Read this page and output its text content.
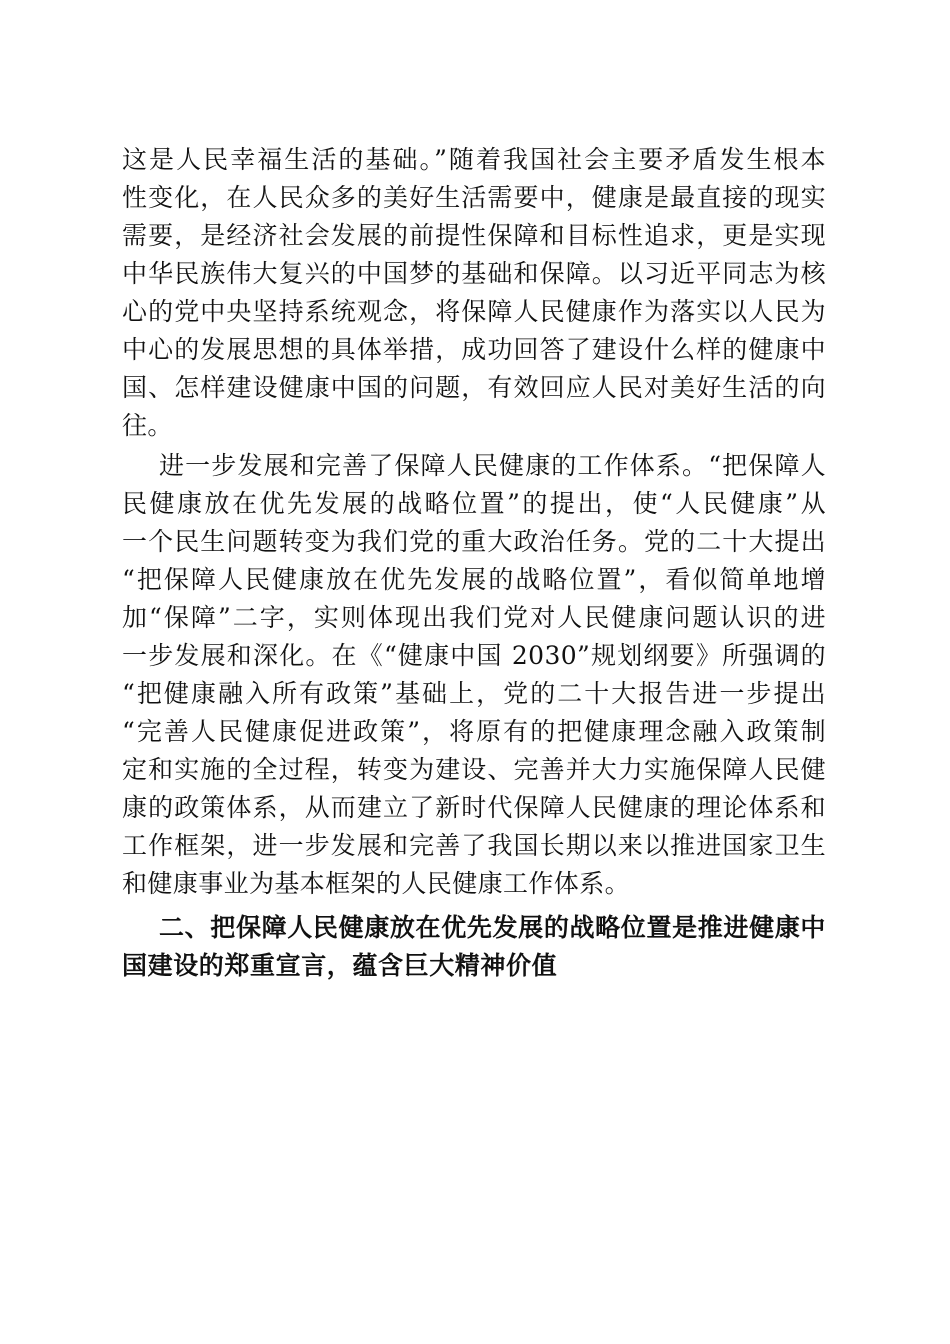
这是人民幸福生活的基础。”随着我国社会主要矛盾发生根本
性变化，在人民众多的美好生活需要中，健康是最直接的现实
需要，是经济社会发展的前提性保障和目标性追求，更是实现
中华民族伟大复兴的中国梦的基础和保障。以习近平同志为核
心的党中央坚持系统观念，将保障人民健康作为落实以人民为
中心的发展思想的具体举措，成功回答了建设什么样的健康中
国、怎样建设健康中国的问题，有效回应人民对美好生活的向
往。
进一步发展和完善了保障人民健康的工作体系。“把保障人
民健康放在优先发展的战略位置”的提出，使“人民健康”从
一个民生问题转变为我们党的重大政治任务。党的二十大提出
“把保障人民健康放在优先发展的战略位置”，看似简单地增
加“保障”二字，实则体现出我们党对人民健康问题认识的进
一步发展和深化。在《“健康中国 2030”规划纲要》所强调的
“把健康融入所有政策”基础上，党的二十大报告进一步提出
“完善人民健康促进政策”，将原有的把健康理念融入政策制
定和实施的全过程，转变为建设、完善并大力实施保障人民健
康的政策体系，从而建立了新时代保障人民健康的理论体系和
工作框架，进一步发展和完善了我国长期以来以推进国家卫生
和健康事业为基本框架的人民健康工作体系。
二、把保障人民健康放在优先发展的战略位置是推进健康中
国建设的郑重宣言，蕴含巨大精神价值
